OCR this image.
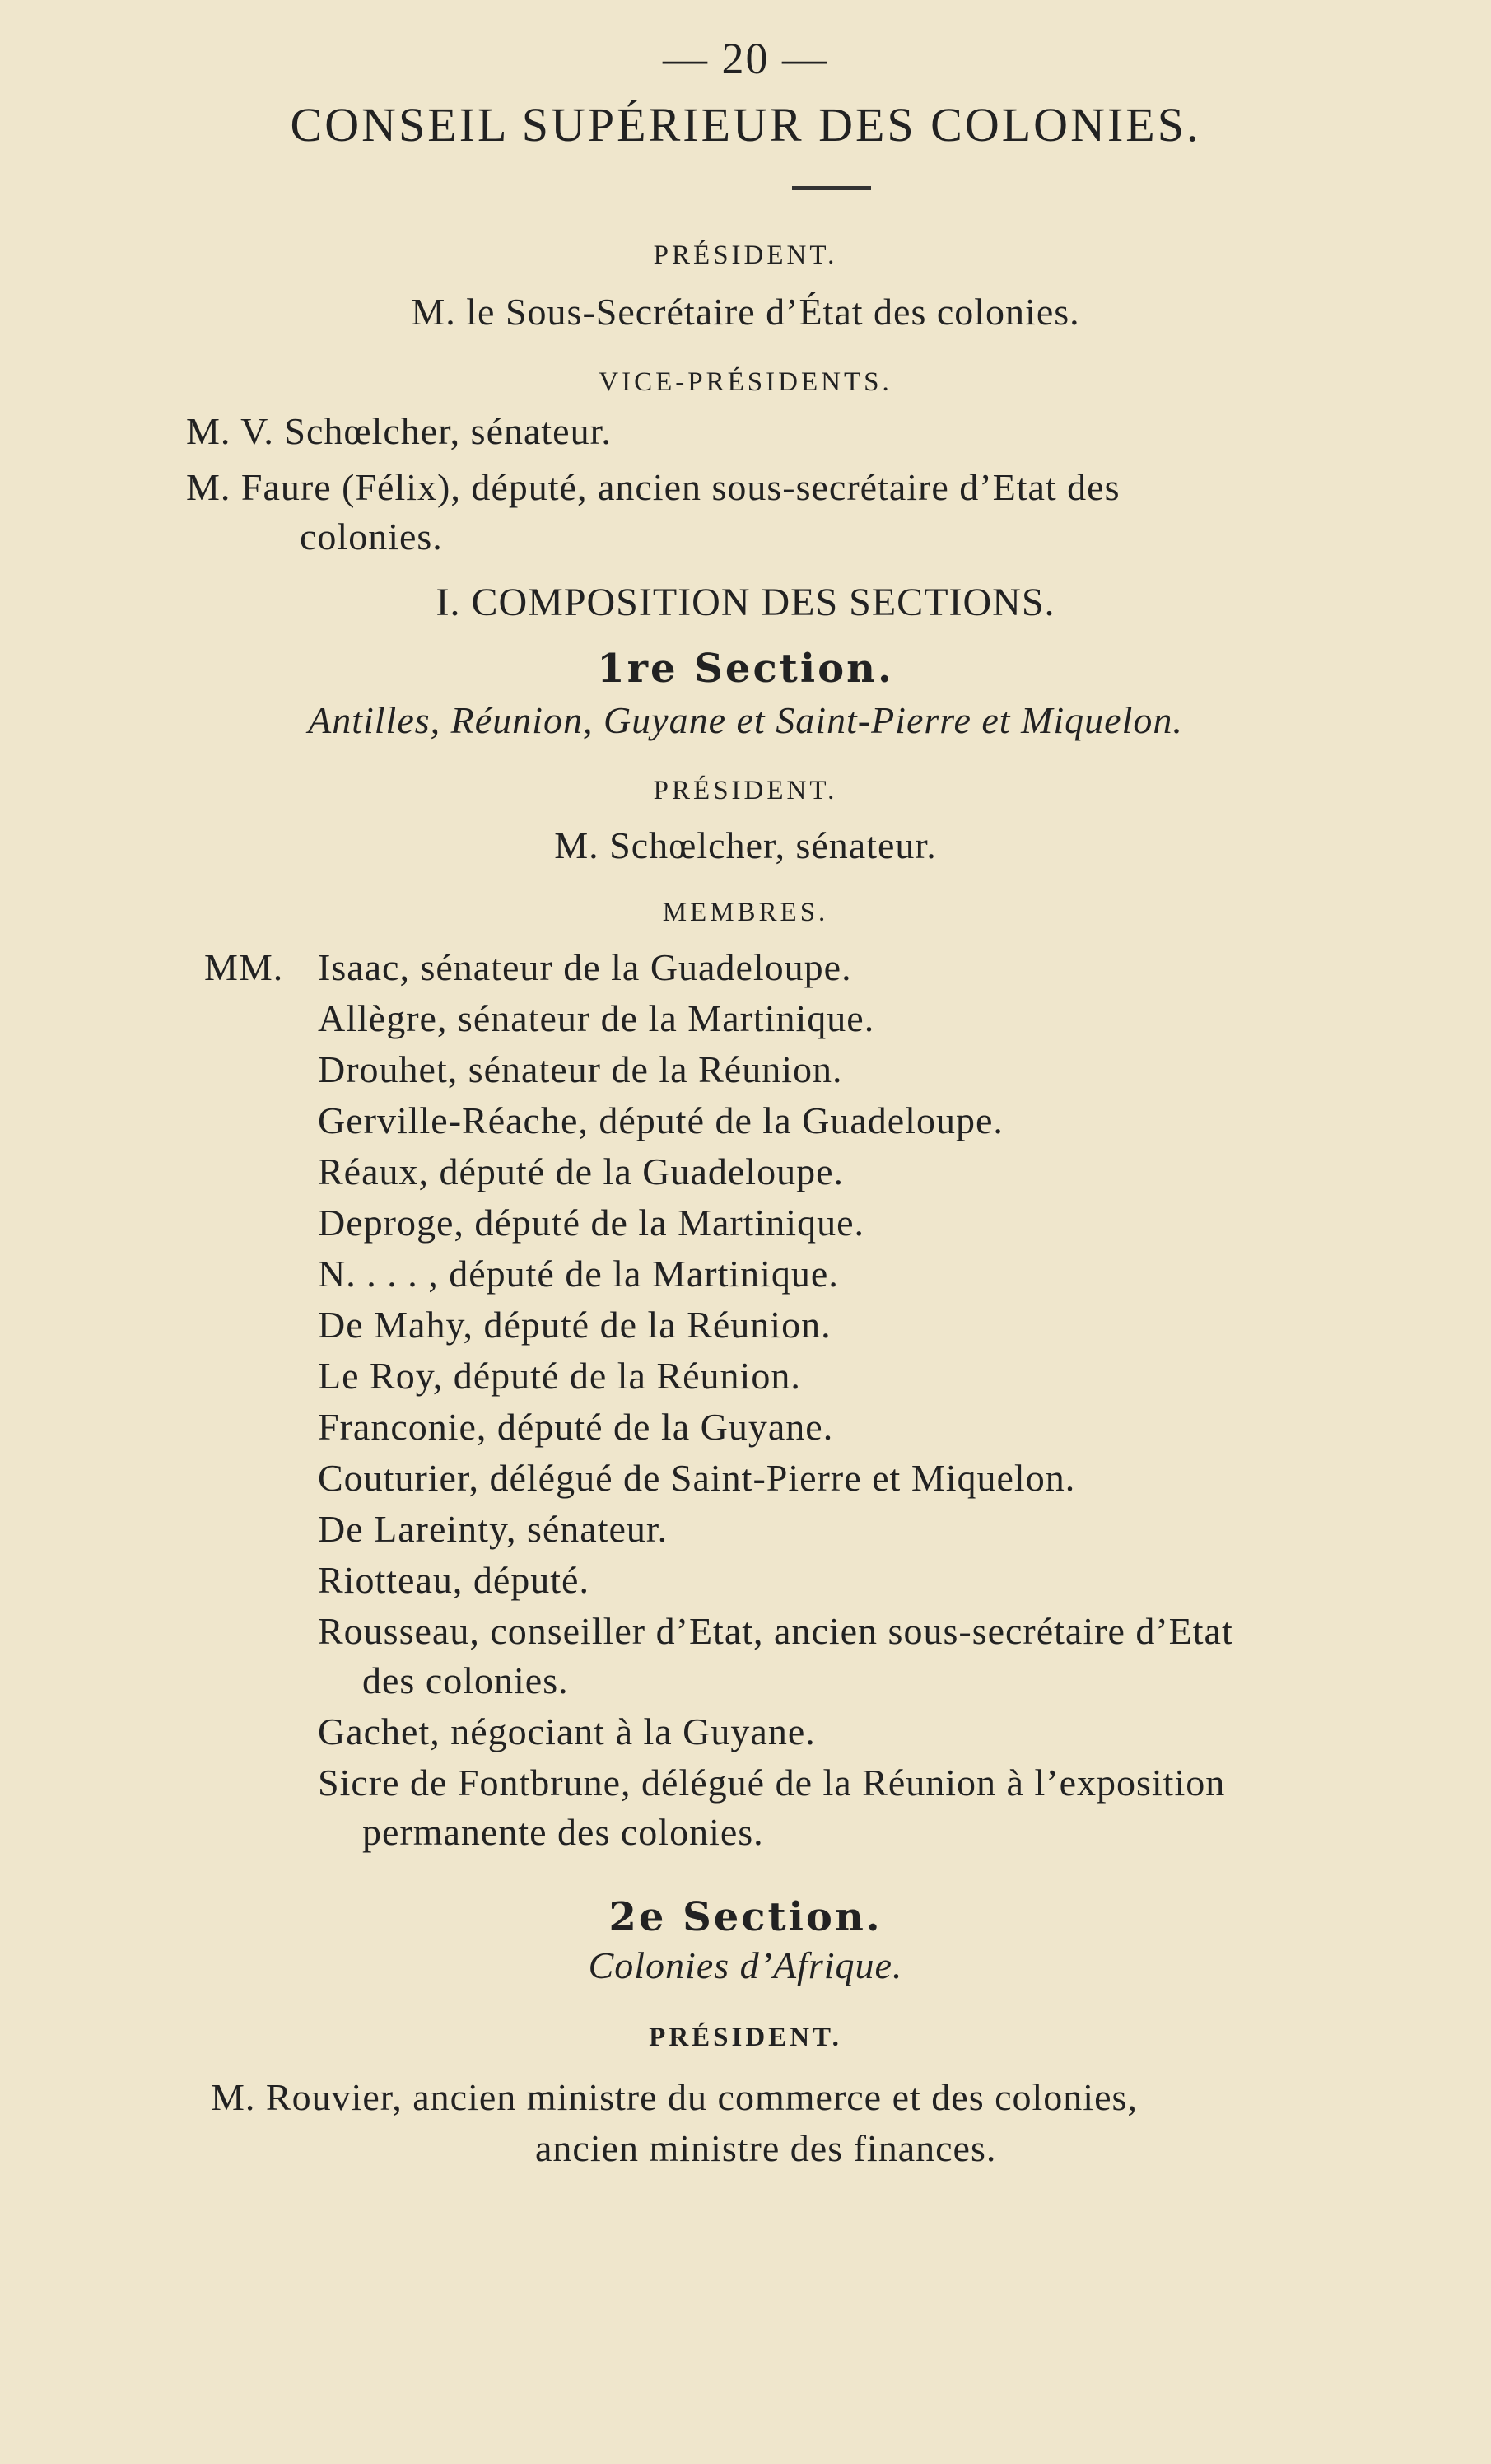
— 20 —
CONSEIL SUPÉRIEUR DES COLONIES.
PRÉSIDENT.
M. le Sous-Secrétaire d’État des colonies.
VICE-PRÉSIDENTS.
M. V. Schœlcher, sénateur.
M. Faure (Félix), député, ancien sous-secrétaire d’Etat des
colonies.
I. COMPOSITION DES SECTIONS.
1re Section.
Antilles, Réunion, Guyane et Saint-Pierre et Miquelon.
PRÉSIDENT.
M. Schœlcher, sénateur.
MEMBRES.
MM. Isaac, sénateur de la Guadeloupe.
Allègre, sénateur de la Martinique.
Drouhet, sénateur de la Réunion.
Gerville-Réache, député de la Guadeloupe.
Réaux, député de la Guadeloupe.
Deproge, député de la Martinique.
N. . . . , député de la Martinique.
De Mahy, député de la Réunion.
Le Roy, député de la Réunion.
Franconie, député de la Guyane.
Couturier, délégué de Saint-Pierre et Miquelon.
De Lareinty, sénateur.
Riotteau, député.
Rousseau, conseiller d’Etat, ancien sous-secrétaire d’Etat
des colonies.
Gachet, négociant à la Guyane.
Sicre de Fontbrune, délégué de la Réunion à l’exposition
permanente des colonies.
2e Section.
Colonies d’Afrique.
PRÉSIDENT.
M. Rouvier, ancien ministre du commerce et des colonies,
ancien ministre des finances.
